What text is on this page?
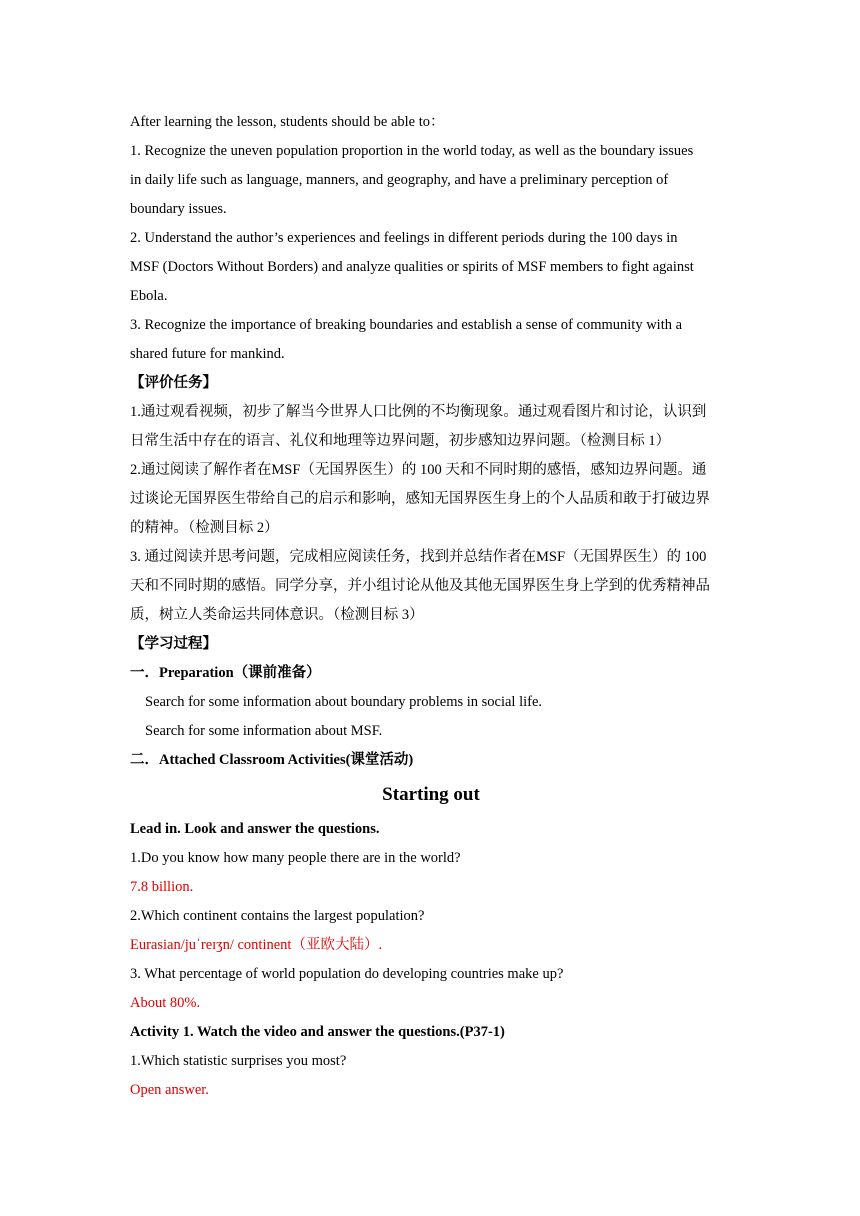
After learning the lesson, students should be able to：
1. Recognize the uneven population proportion in the world today, as well as the boundary issues
in daily life such as language, manners, and geography, and have a preliminary perception of
boundary issues.
2. Understand the author’s experiences and feelings in different periods during the 100 days in
MSF (Doctors Without Borders) and analyze qualities or spirits of MSF members to fight against
Ebola.
3. Recognize the importance of breaking boundaries and establish a sense of community with a
shared future for mankind.
【评价任务】
1.通过观看视频，初步了解当今世界人口比例的不均衡现象。通过观看图片和讨论，认识到
日常生活中存在的语言、礼仪和地理等边界问题，初步感知边界问题。（检测目标 1）
2.通过阅读了解作者在MSF（无国界医生）的 100 天和不同时期的感悟，感知边界问题。通
过谈论无国界医生带给自己的启示和影响，感知无国界医生身上的个人品质和敢于打破边界
的精神。（检测目标 2）
3. 通过阅读并思考问题，完成相应阅读任务，找到并总结作者在MSF（无国界医生）的 100
天和不同时期的感悟。同学分享，并小组讨论从他及其他无国界医生身上学到的优秀精神品
质，树立人类命运共同体意识。（检测目标 3）
【学习过程】
一．Preparation（课前准备）
Search for some information about boundary problems in social life.
Search for some information about MSF.
二．Attached Classroom Activities(课堂活动)
Starting out
Lead in. Look and answer the questions.
1.Do you know how many people there are in the world?
7.8 billion.
2.Which continent contains the largest population?
Eurasian/juˈreɪʒn/ continent（亚欧大陆）.
3. What percentage of world population do developing countries make up?
About 80%.
Activity 1. Watch the video and answer the questions.(P37-1)
1.Which statistic surprises you most?
Open answer.
